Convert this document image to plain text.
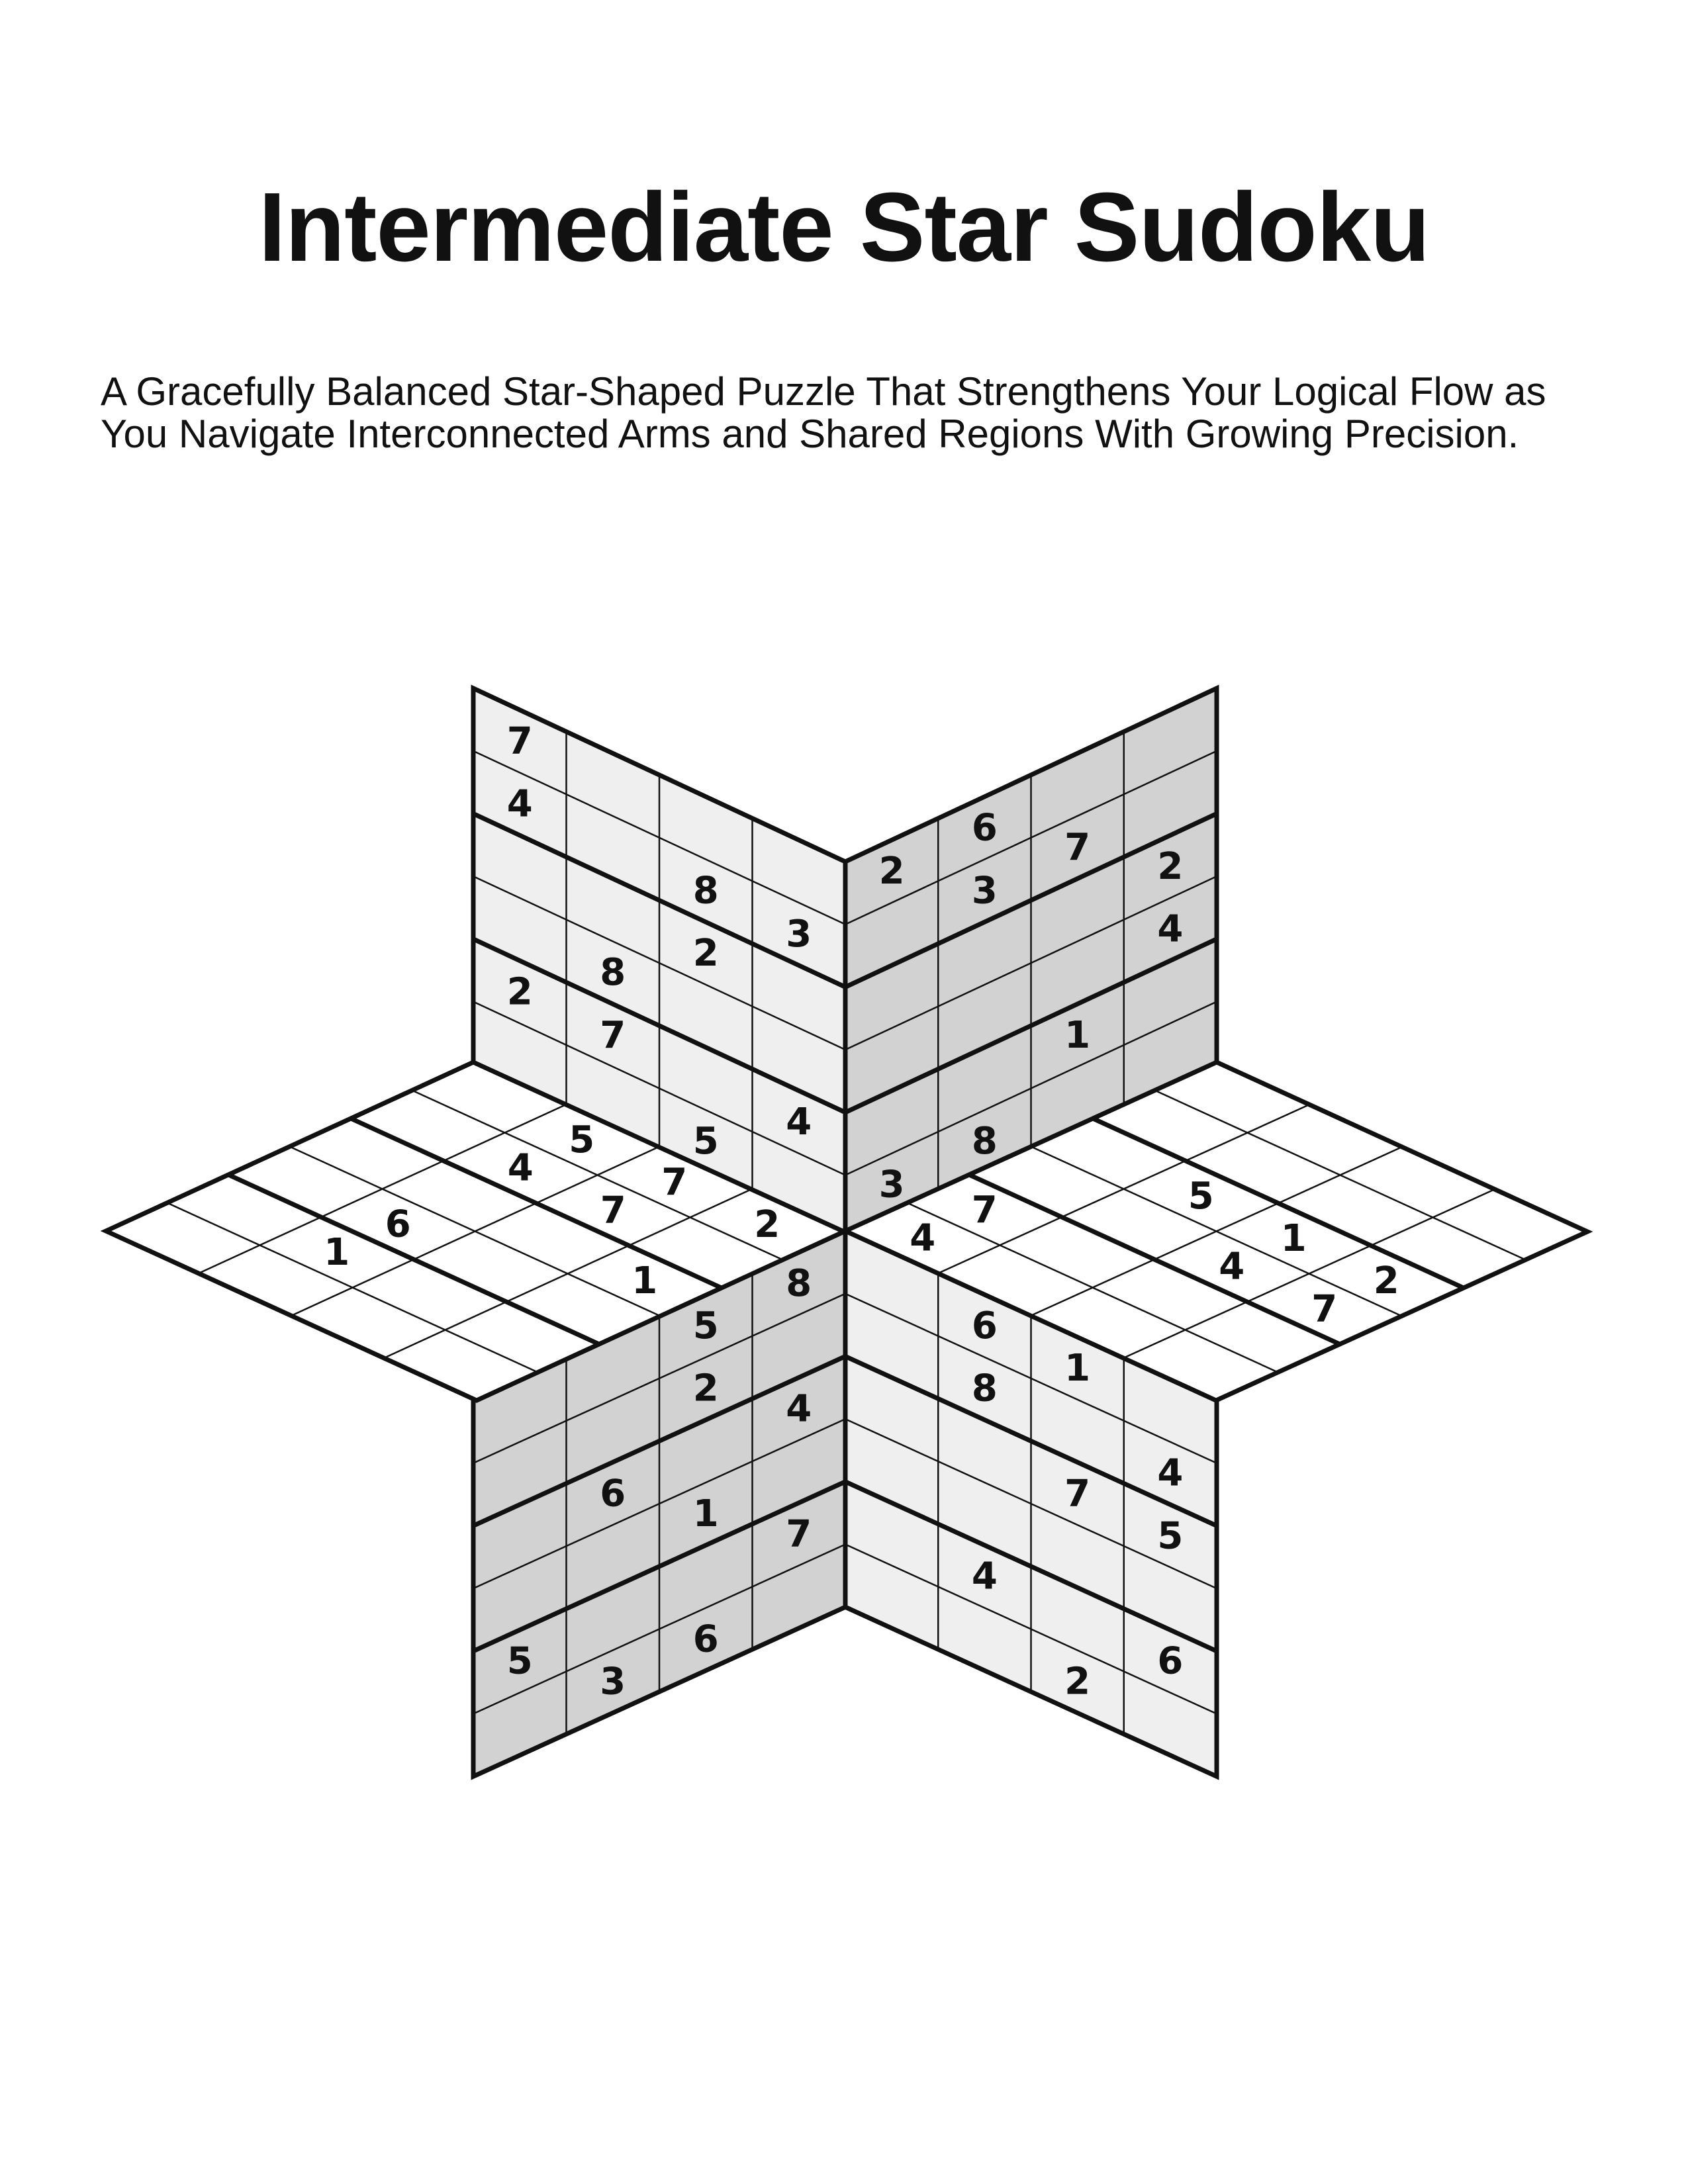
Intermediate Star Sudoku

A Gracefully Balanced Star-Shaped Puzzle That Strengthens Your Logical Flow as You Navigate Interconnected Arms and Shared Regions With Growing Precision.

7
4
8
3
2
8
2
7
4
5
2
6
3
7 2
4
1
3
8
5
8
2
6
4
1
5
7
3
6
6
1
8
4
7
5
4
6
2
1
6
1
4
7
5
7
2	4
7
4
7
5
1
2
